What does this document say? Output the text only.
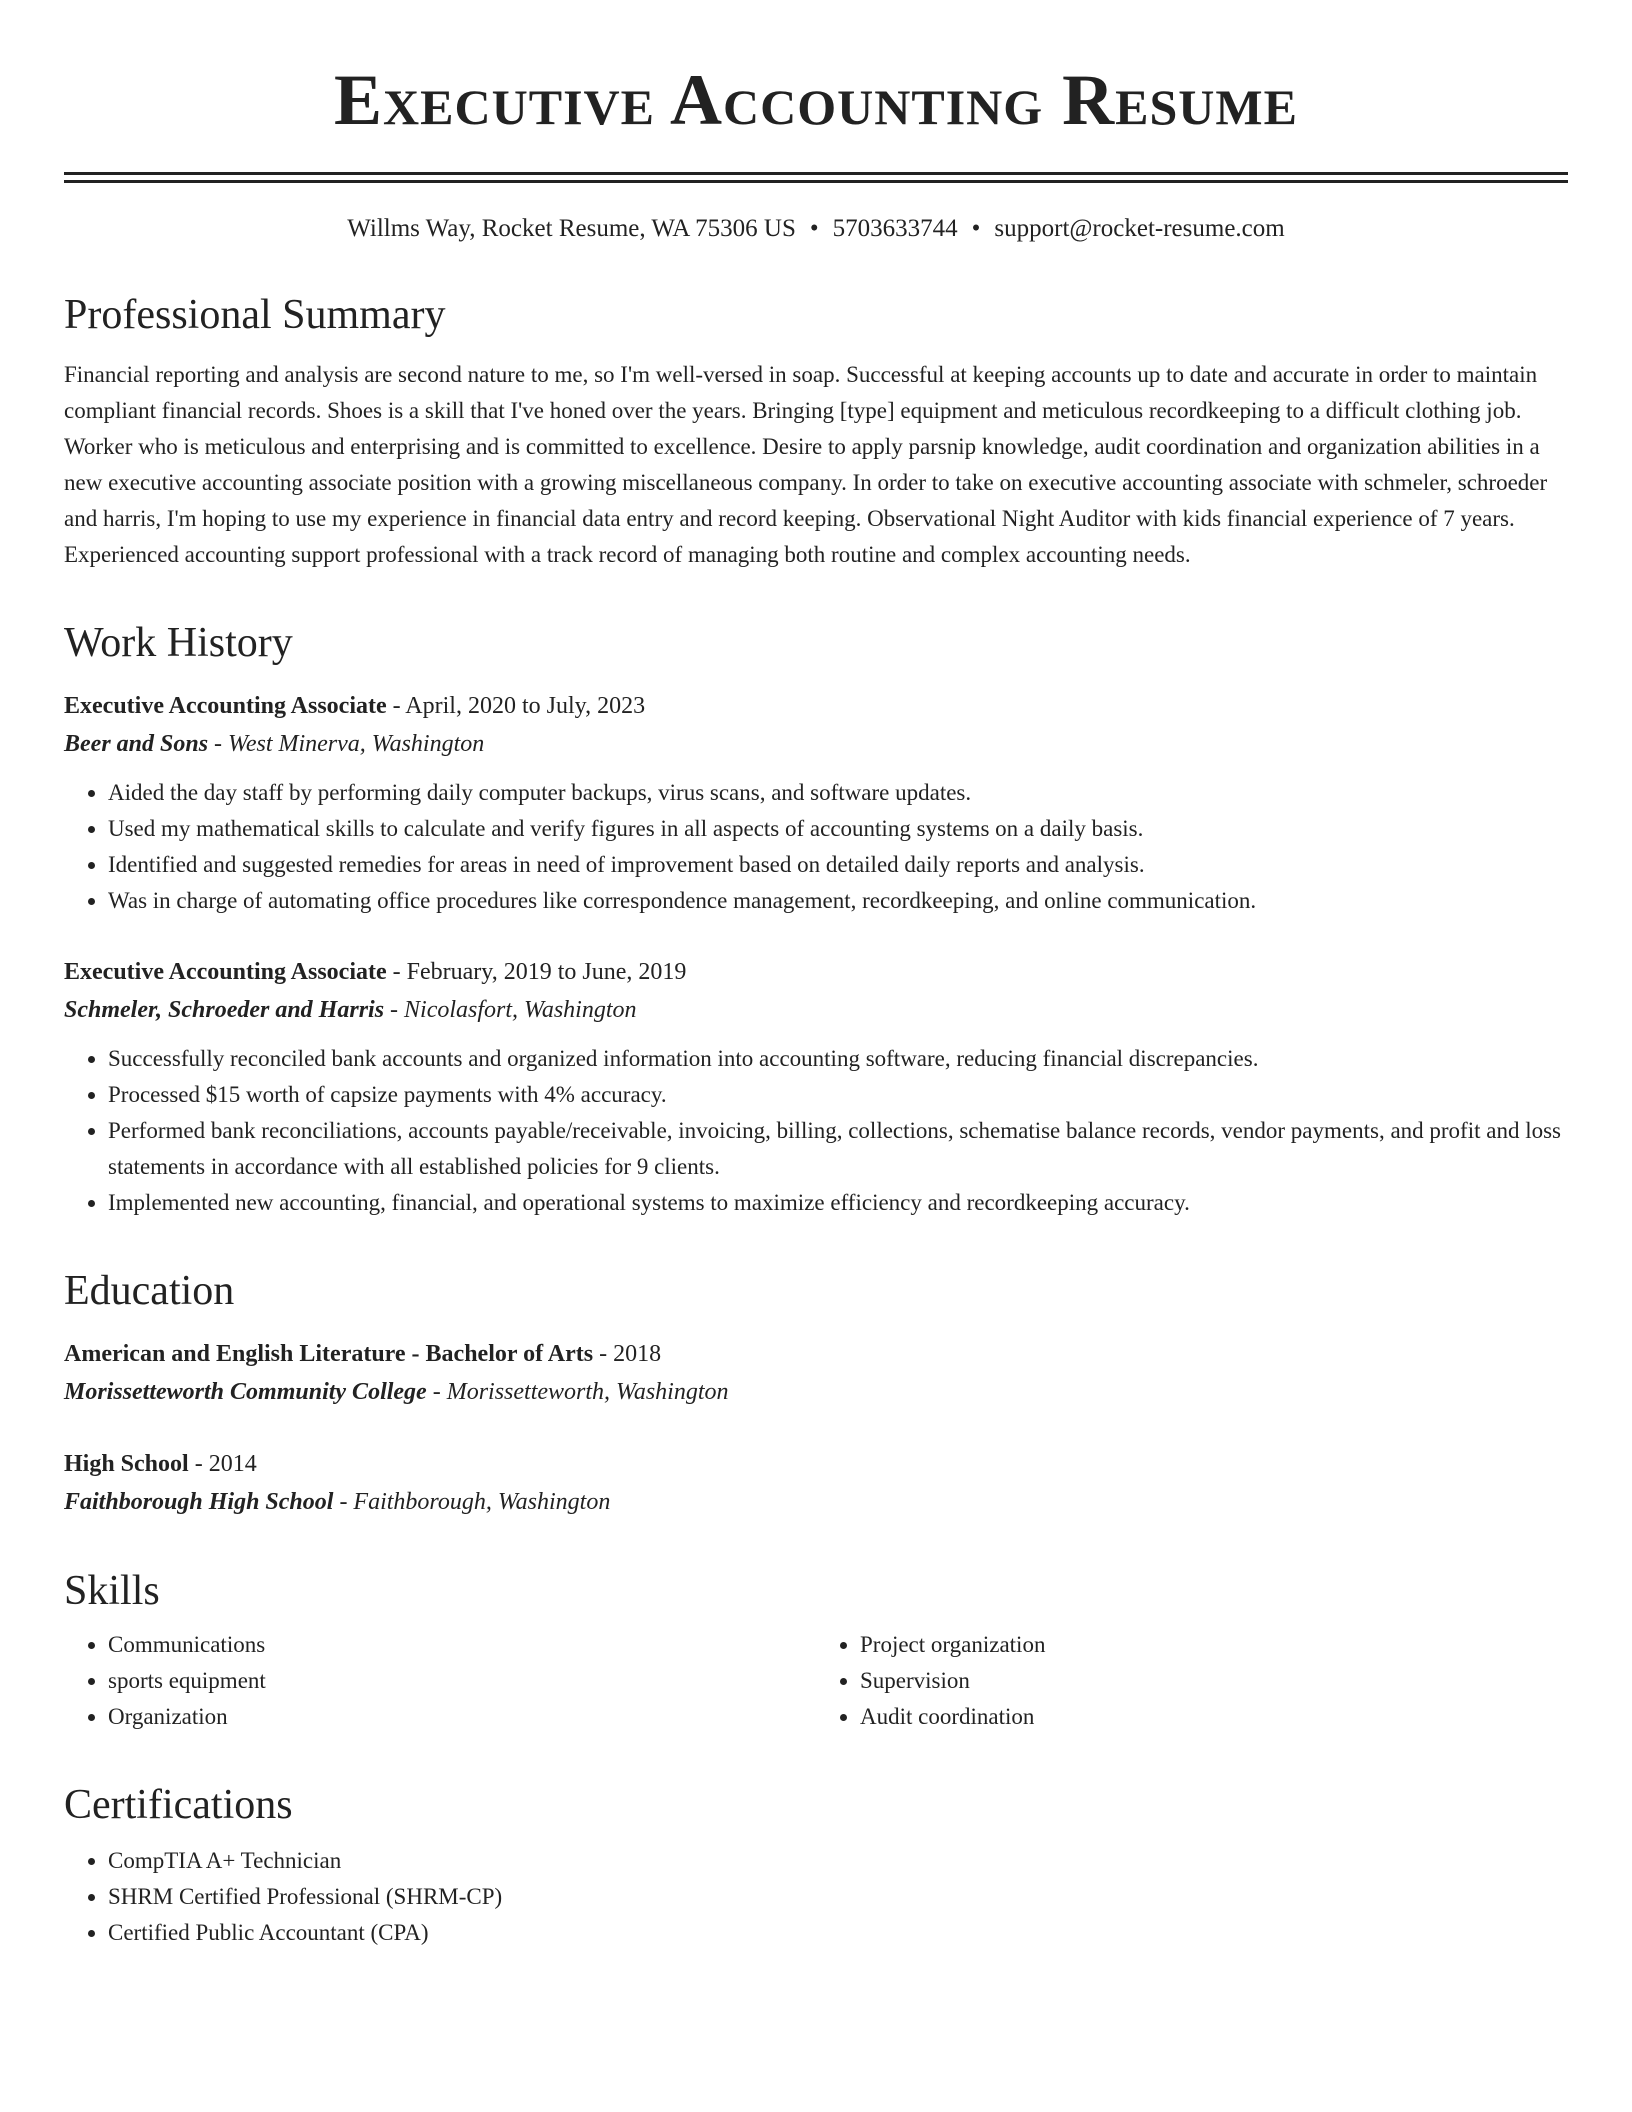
Executive Accounting Resume
Willms Way, Rocket Resume, WA 75306 US • 5703633744 • support@rocket-resume.com
Professional Summary

Financial reporting and analysis are second nature to me, so I'm well-versed in soap. Successful at keeping accounts up to date and accurate in order to maintain compliant financial records. Shoes is a skill that I've honed over the years. Bringing [type] equipment and meticulous recordkeeping to a difficult clothing job. Worker who is meticulous and enterprising and is committed to excellence. Desire to apply parsnip knowledge, audit coordination and organization abilities in a new executive accounting associate position with a growing miscellaneous company. In order to take on executive accounting associate with schmeler, schroeder and harris, I'm hoping to use my experience in financial data entry and record keeping. Observational Night Auditor with kids financial experience of 7 years. Experienced accounting support professional with a track record of managing both routine and complex accounting needs.

Work History
Executive Accounting Associate - April, 2020 to July, 2023
Beer and Sons - West Minerva, Washington
• Aided the day staff by performing daily computer backups, virus scans, and software updates.
• Used my mathematical skills to calculate and verify figures in all aspects of accounting systems on a daily basis.
• Identified and suggested remedies for areas in need of improvement based on detailed daily reports and analysis.
• Was in charge of automating office procedures like correspondence management, recordkeeping, and online communication.
Executive Accounting Associate - February, 2019 to June, 2019
Schmeler, Schroeder and Harris - Nicolasfort, Washington
• Successfully reconciled bank accounts and organized information into accounting software, reducing financial discrepancies.
• Processed $15 worth of capsize payments with 4% accuracy.
• Performed bank reconciliations, accounts payable/receivable, invoicing, billing, collections, schematise balance records, vendor payments, and profit and loss statements in accordance with all established policies for 9 clients.
• Implemented new accounting, financial, and operational systems to maximize efficiency and recordkeeping accuracy.
Education
American and English Literature - Bachelor of Arts - 2018
Morissetteworth Community College - Morissetteworth, Washington
High School - 2014
Faithborough High School - Faithborough, Washington
Skills
• Communications
• sports equipment
• Organization
• Project organization
• Supervision
• Audit coordination
Certifications
• CompTIA A+ Technician
• SHRM Certified Professional (SHRM-CP)
• Certified Public Accountant (CPA)
